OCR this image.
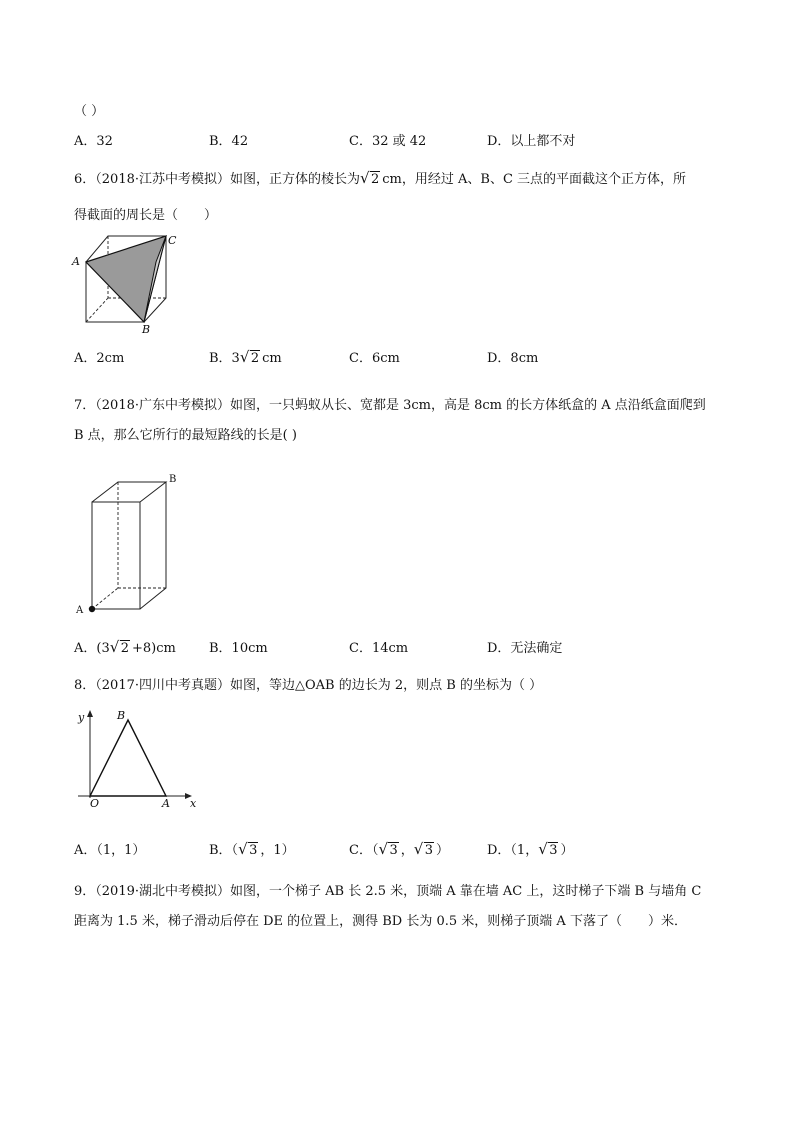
（ ）
A．32	B．42	C．32 或 42	D．以上都不对
6．（2018·江苏中考模拟）如图，正方体的棱长为 √ 2 cm，用经过 A、B、C 三点的平面截这个正方体，所
得截面的周长是（　　）
A
C
B
A．2cm	B．3 √ 2 cm	C．6cm	D．8cm
7．（2018·广东中考模拟）如图，一只蚂蚁从长、宽都是 3cm，高是 8cm 的长方体纸盒的 A 点沿纸盒面爬到
B 点，那么它所行的最短路线的长是( )
A
B
A．(3 √ 2 +8)cm	B．10cm	C．14cm	D．无法确定
8．（2017·四川中考真题）如图，等边△OAB 的边长为 2，则点 B 的坐标为（ ）
y	B
O	A x
A．（1，1）	B．（ √ 3 ，1）	C．（ √ 3 ， √ 3 ）	D．（1， √ 3 ）
9．（2019·湖北中考模拟）如图，一个梯子 AB 长 2.5 米，顶端 A 靠在墙 AC 上，这时梯子下端 B 与墙角 C
距离为 1.5 米，梯子滑动后停在 DE 的位置上，测得 BD 长为 0.5 米，则梯子顶端 A 下落了（　　）米．
